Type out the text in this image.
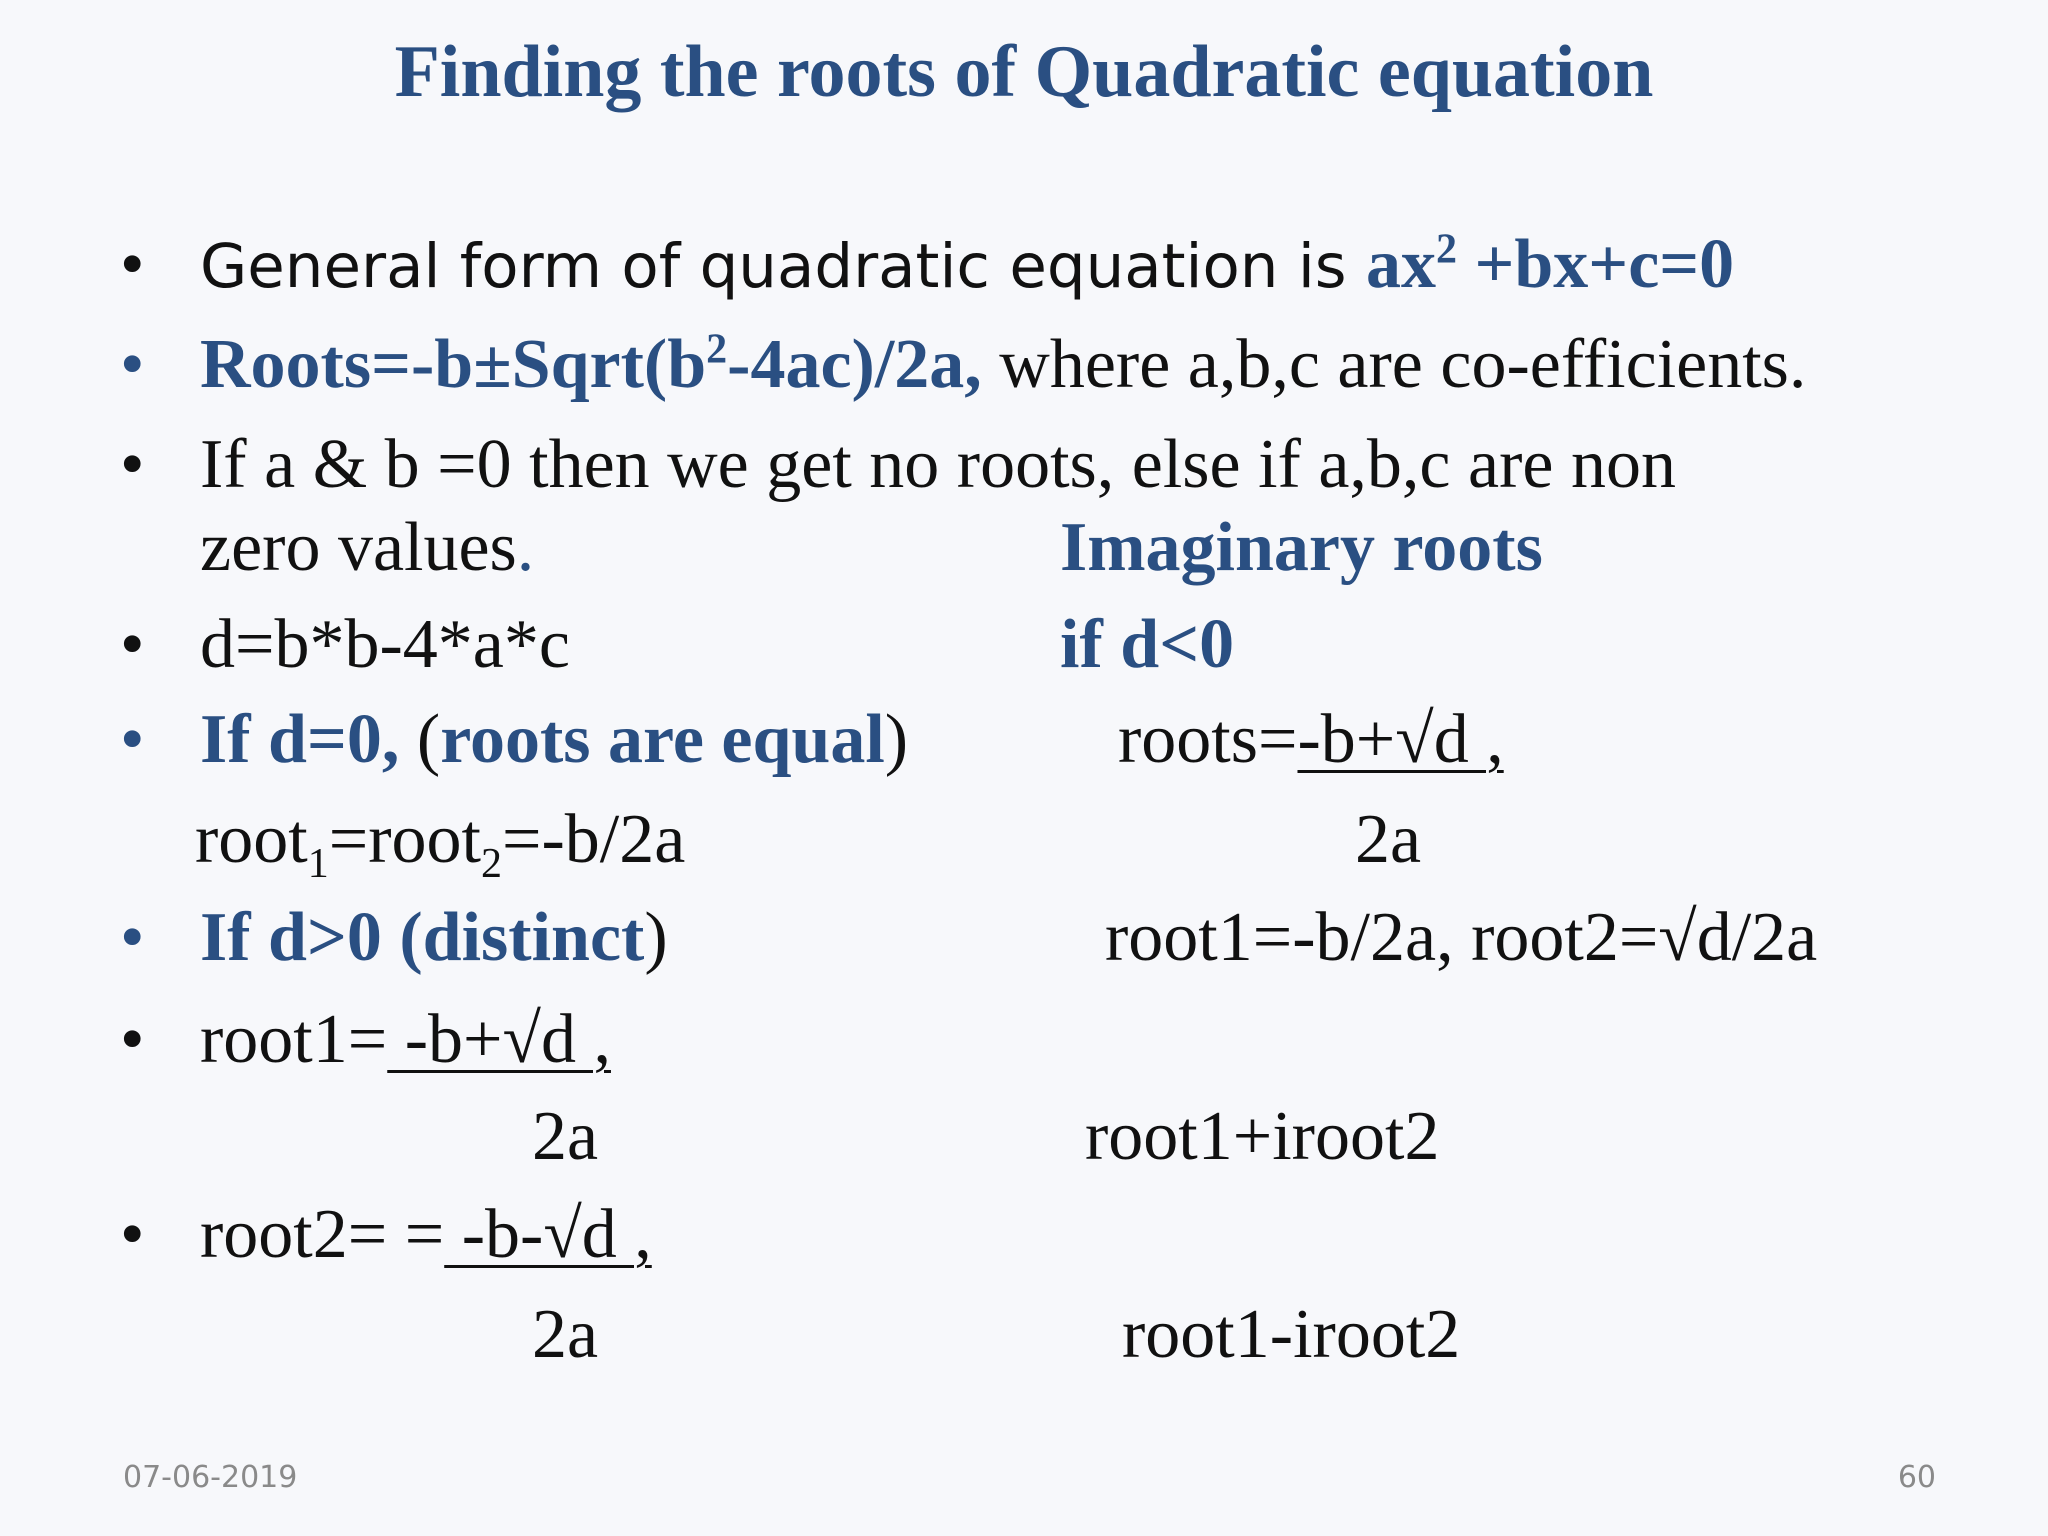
Finding the roots of Quadratic equation
• General form of quadratic equation is $ax^2 +bx+c=0$
• $Roots=-b\pm Sqrt(b^2-4ac)/2a$, where a,b,c are co-efficients.
• If a & b =0 then we get no roots, else if a,b,c are non
zero values.	Imaginary roots
• d=b*b-4*a*c	if d<0
• If d=0, (roots are equal)	roots=-b+√d ,
root$_1$=root$_2$=-b/2a	2a
• If d>0 (distinct)	root1=-b/2a, root2=√d/2a
• root1= -b+√d ,
2a	root1+iroot2
• root2= = -b-√d ,
2a	root1-iroot2
07-06-2019	60
